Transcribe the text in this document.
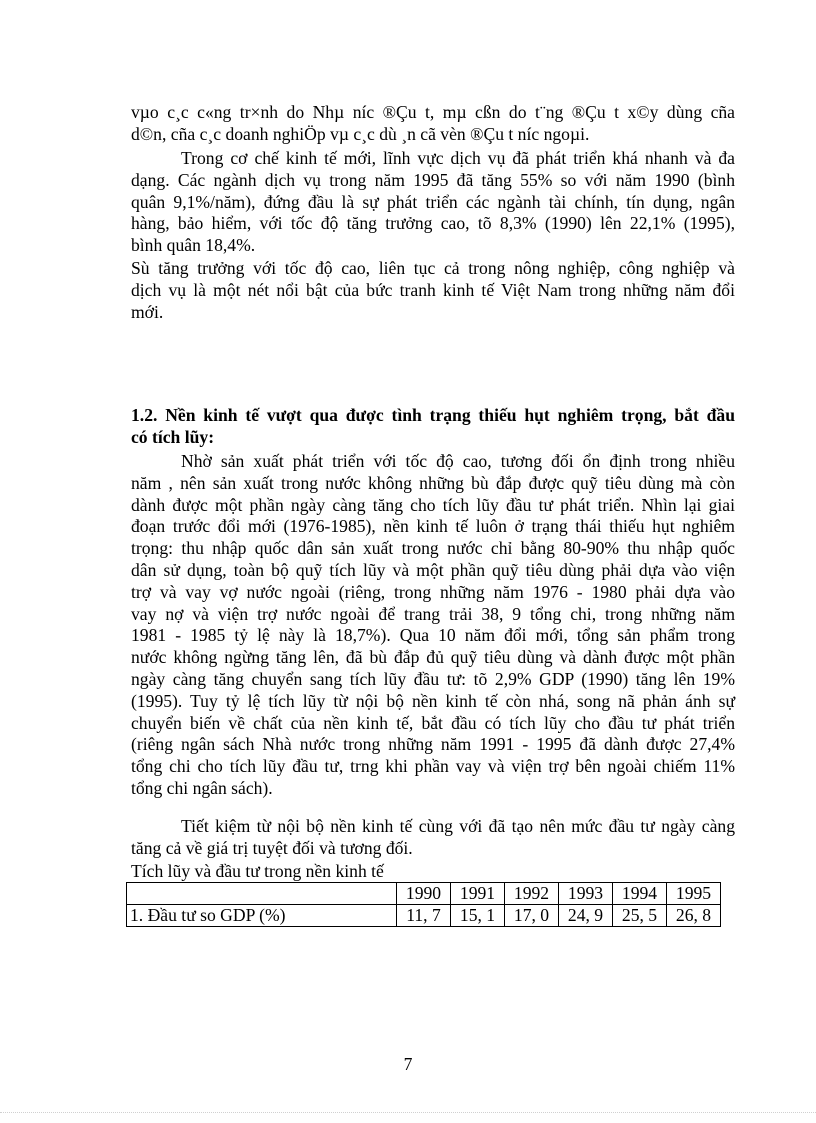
vµo c¸c c«ng tr×nh do Nhµ níc ®Çu t, mµ cßn do t¨ng ®Çu t x©y dùng cña
d©n, cña c¸c doanh nghiÖp vµ c¸c dù ¸n cã vèn ®Çu t níc ngoµi.
Trong cơ chế kinh tế mới, lĩnh vực dịch vụ đã phát triển khá nhanh và đa
dạng. Các ngành dịch vụ trong năm 1995 đã tăng 55% so với năm 1990 (bình
quân 9,1%/năm), đứng đầu là sự phát triển các ngành tài chính, tín dụng, ngân
hàng, bảo hiểm, với tốc độ tăng trưởng cao, tõ 8,3% (1990) lên 22,1% (1995),
bình quân 18,4%.
Sù tăng trưởng với tốc độ cao, liên tục cả trong nông nghiệp, công nghiệp và
dịch vụ là một nét nổi bật của bức tranh kinh tế Việt Nam trong những năm đổi
mới.
1.2. Nền kinh tế vượt qua được tình trạng thiếu hụt nghiêm trọng, bắt đầu
có tích lũy:
Nhờ sản xuất phát triển với tốc độ cao, tương đối ổn định trong nhiều
năm , nên sản xuất trong nước không những bù đắp được quỹ tiêu dùng mà còn
dành được một phần ngày càng tăng cho tích lũy đầu tư phát triển. Nhìn lại giai
đoạn trước đổi mới (1976-1985), nền kinh tế luôn ở trạng thái thiếu hụt nghiêm
trọng: thu nhập quốc dân sản xuất trong nước chỉ bằng 80-90% thu nhập quốc
dân sử dụng, toàn bộ quỹ tích lũy và một phần quỹ tiêu dùng phải dựa vào viện
trợ và vay vợ nước ngoài (riêng, trong những năm 1976 - 1980 phải dựa vào
vay nợ và viện trợ nước ngoài để trang trải 38, 9 tổng chi, trong những năm
1981 - 1985 tỷ lệ này là 18,7%). Qua 10 năm đổi mới, tổng sản phẩm trong
nước không ngừng tăng lên, đã bù đắp đủ quỹ tiêu dùng và dành được một phần
ngày càng tăng chuyển sang tích lũy đầu tư: tõ 2,9% GDP (1990) tăng lên 19%
(1995). Tuy tỷ lệ tích lũy từ nội bộ nền kinh tế còn nhá, song nã phản ánh sự
chuyển biến về chất của nền kinh tế, bắt đầu có tích lũy cho đầu tư phát triển
(riêng ngân sách Nhà nước trong những năm 1991 - 1995 đã dành được 27,4%
tổng chi cho tích lũy đầu tư, trng khi phần vay và viện trợ bên ngoài chiếm 11%
tổng chi ngân sách).
Tiết kiệm từ nội bộ nền kinh tế cùng với đã tạo nên mức đầu tư ngày càng
tăng cả về giá trị tuyệt đối và tương đối.

Tích lũy và đầu tư trong nền kinh tế

	1990	1991	1992	1993	1994	1995
1. Đầu tư so GDP (%)	11, 7	15, 1	17, 0	24, 9	25, 5	26, 8
7
